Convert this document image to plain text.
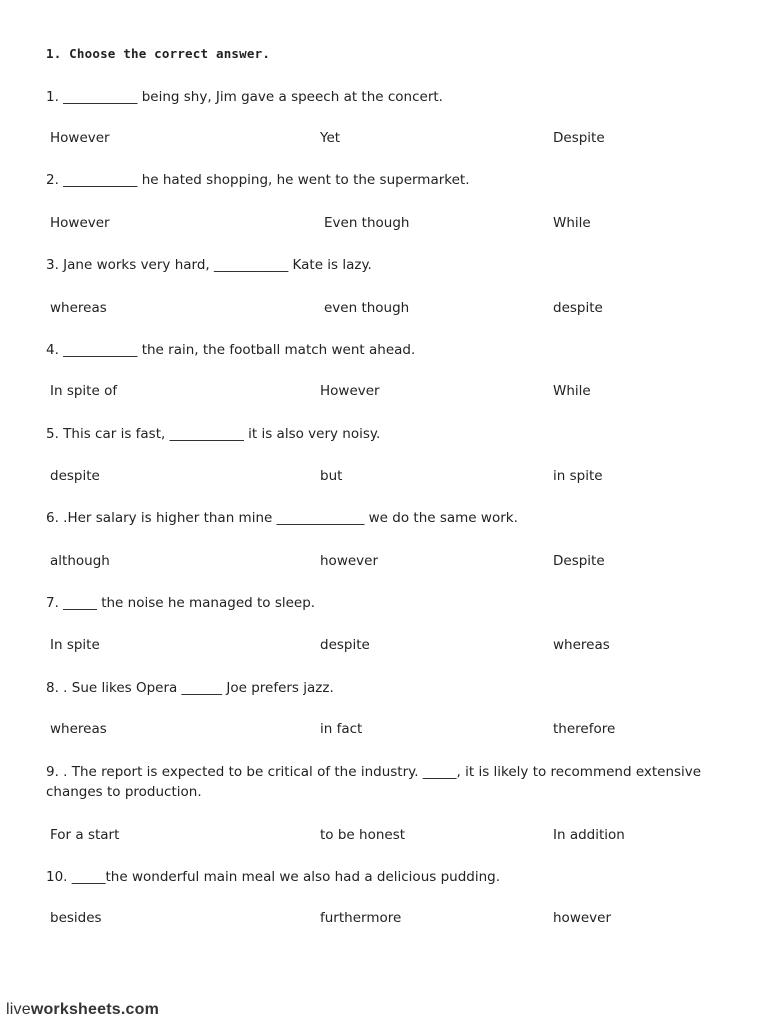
1. Choose the correct answer.
1. ___________ being shy, Jim gave a speech at the concert.
However	Yet	Despite
2. ___________ he hated shopping, he went to the supermarket.
However	Even though	While
3. Jane works very hard, ___________ Kate is lazy.
whereas	even though	despite
4. ___________ the rain, the football match went ahead.
In spite of	However	While
5. This car is fast, ___________ it is also very noisy.
despite	but	in spite
6. .Her salary is higher than mine _____________ we do the same work.
although	however	Despite
7. _____ the noise he managed to sleep.
In spite	despite	whereas
8. . Sue likes Opera ______ Joe prefers jazz.
whereas	in fact	therefore
9. . The report is expected to be critical of the industry. _____, it is likely to recommend extensive changes to production.
For a start	to be honest	In addition
10. _____the wonderful main meal we also had a delicious pudding.
besides	furthermore	however
liveworksheets.com
